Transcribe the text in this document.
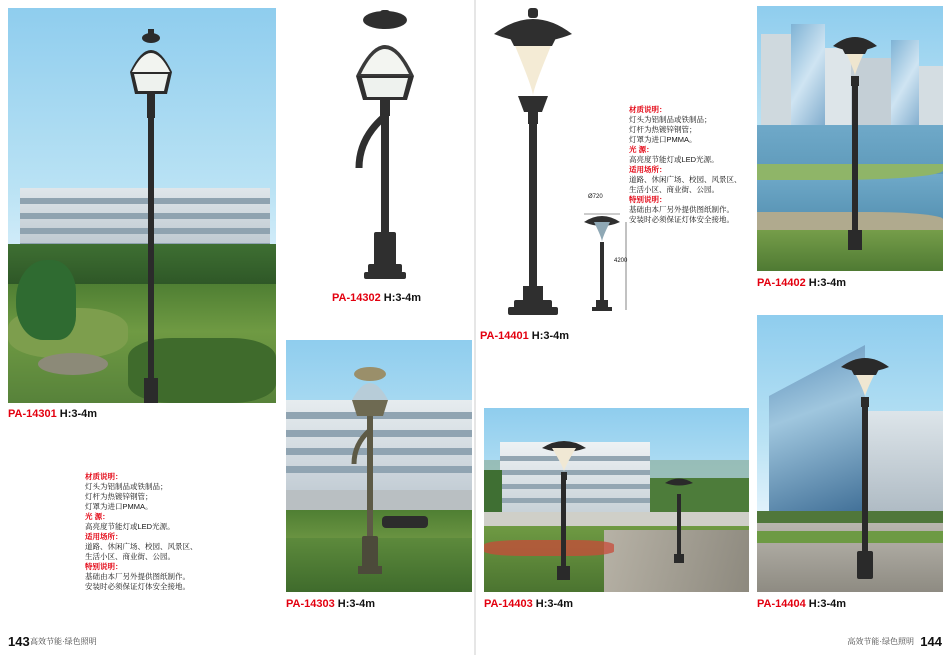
PA-14301 H:3-4m
材质说明：
灯头为铝制品或铁制品；
灯杆为热镀锌钢管；
灯罩为进口PMMA。
光 源：
高亮度节能灯或LED光源。
适用场所：
道路、休闲广场、校园、风景区、
生活小区、商业街、公园。
特别说明：
基础由本厂另外提供图纸制作。
安装时必须保证灯体安全接地。
PA-14302 H:3-4m
PA-14303 H:3-4m
PA-14401 H:3-4m
Ø720
4200
材质说明：
灯头为铝制品或铁制品；
灯杆为热镀锌钢管；
灯罩为进口PMMA。
光 源：
高亮度节能灯或LED光源。
适用场所：
道路、休闲广场、校园、风景区、
生活小区、商业街、公园。
特别说明：
基础由本厂另外提供图纸制作。
安装时必须保证灯体安全接地。
PA-14402 H:3-4m
PA-14403 H:3-4m	PA-14404 H:3-4m
143 高效节能·绿色照明	高效节能·绿色照明 144
